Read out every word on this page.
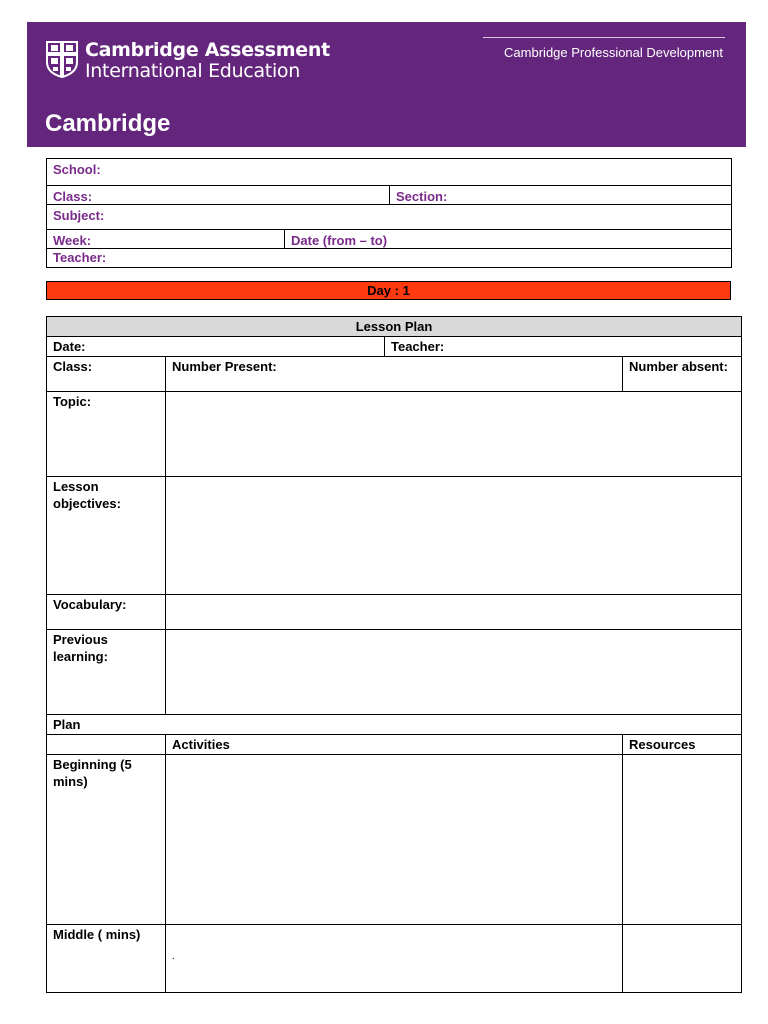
Cambridge Assessment
International Education
Cambridge Professional Development
Cambridge
School:
Class:	Section:
Subject:
Week:	Date (from – to)
Teacher:
Day : 1
Lesson Plan			
Date:		Teacher:	
Class:	Number Present:		Number absent:
Topic:			
Lesson objectives:			
Vocabulary:			
Previous learning:			
Plan			
	Activities		Resources
Beginning (5 mins)			
Middle ( mins)	.		
